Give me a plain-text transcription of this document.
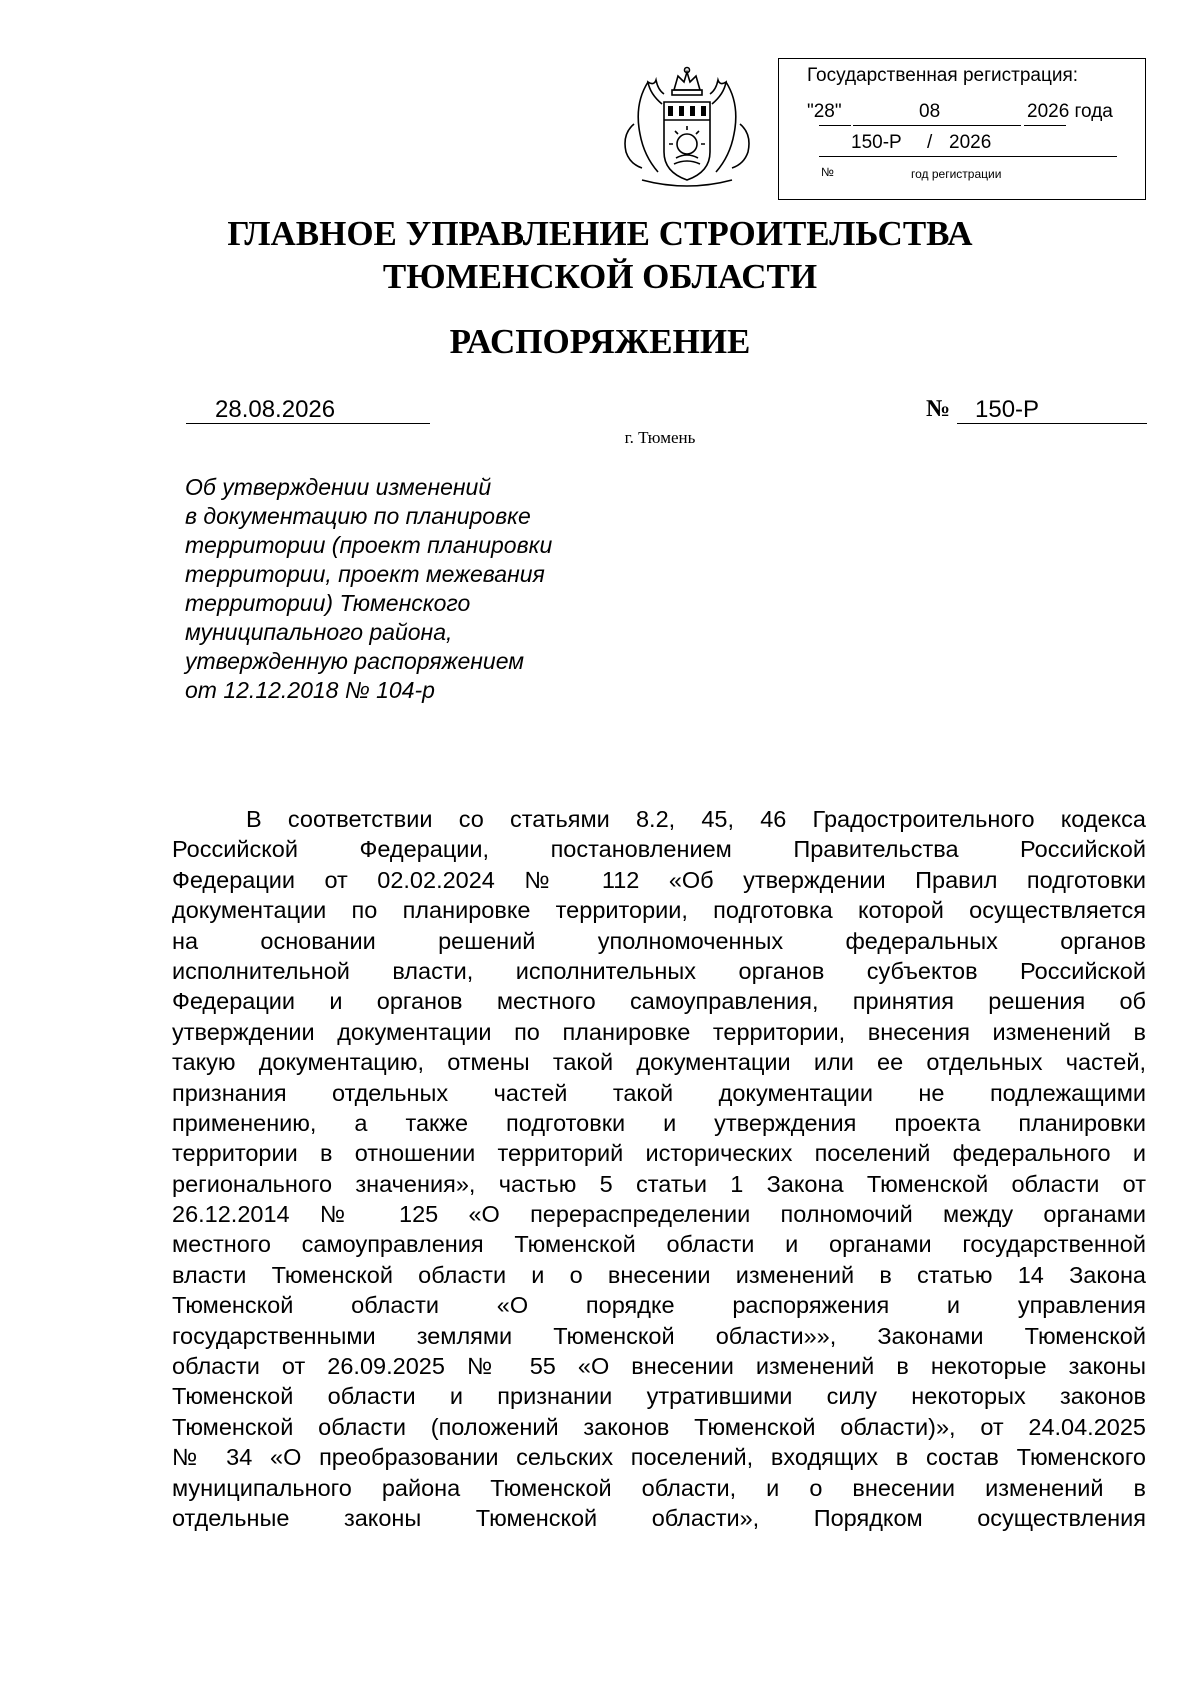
Государственная регистрация:
"28"	08	2026 года
150-Р / 2026
№	год регистрации
ГЛАВНОЕ УПРАВЛЕНИЕ СТРОИТЕЛЬСТВА
ТЮМЕНСКОЙ ОБЛАСТИ
РАСПОРЯЖЕНИЕ
28.08.2026	№ 150-Р
г. Тюмень
Об утверждении изменений
в документацию по планировке
территории (проект планировки
территории, проект межевания
территории) Тюменского
муниципального района,
утвержденную распоряжением
от 12.12.2018 № 104-р
В соответствии со статьями 8.2, 45, 46 Градостроительного кодекса
Российской Федерации, постановлением Правительства Российской
Федерации от 02.02.2024 № 112 «Об утверждении Правил подготовки
документации по планировке территории, подготовка которой осуществляется
на основании решений уполномоченных федеральных органов
исполнительной власти, исполнительных органов субъектов Российской
Федерации и органов местного самоуправления, принятия решения об
утверждении документации по планировке территории, внесения изменений в
такую документацию, отмены такой документации или ее отдельных частей,
признания отдельных частей такой документации не подлежащими
применению, а также подготовки и утверждения проекта планировки
территории в отношении территорий исторических поселений федерального и
регионального значения», частью 5 статьи 1 Закона Тюменской области от
26.12.2014 № 125 «О перераспределении полномочий между органами
местного самоуправления Тюменской области и органами государственной
власти Тюменской области и о внесении изменений в статью 14 Закона
Тюменской области «О порядке распоряжения и управления
государственными землями Тюменской области»», Законами Тюменской
области от 26.09.2025 № 55 «О внесении изменений в некоторые законы
Тюменской области и признании утратившими силу некоторых законов
Тюменской области (положений законов Тюменской области)», от 24.04.2025
№ 34 «О преобразовании сельских поселений, входящих в состав Тюменского
муниципального района Тюменской области, и о внесении изменений в
отдельные законы Тюменской области», Порядком осуществления
